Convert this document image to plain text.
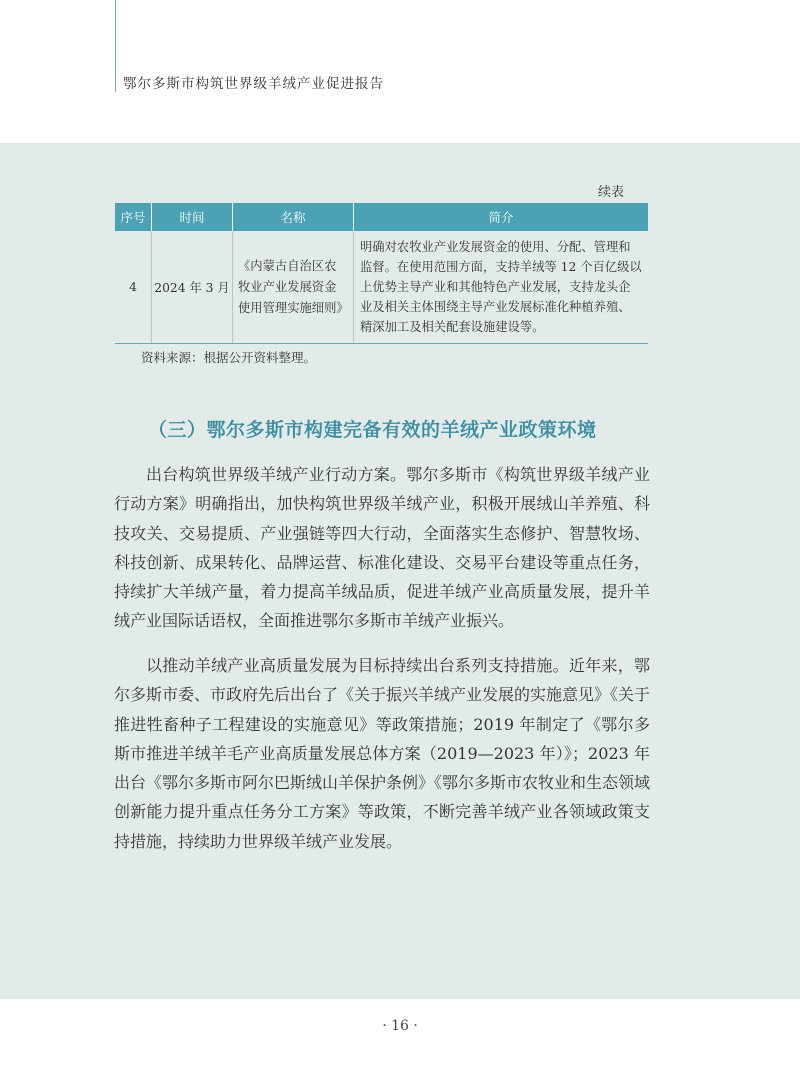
鄂尔多斯市构筑世界级羊绒产业促进报告
续表
序号	时间	名称	简介
4	2024 年 3 月	《内蒙古自治区农牧业产业发展资金使用管理实施细则》	明确对农牧业产业发展资金的使用、分配、管理和监督。在使用范围方面，支持羊绒等 12 个百亿级以上优势主导产业和其他特色产业发展，支持龙头企业及相关主体围绕主导产业发展标准化种植养殖、精深加工及相关配套设施建设等。
资料来源：根据公开资料整理。
（三）鄂尔多斯市构建完备有效的羊绒产业政策环境

出台构筑世界级羊绒产业行动方案。鄂尔多斯市《构筑世界级羊绒产业行动方案》明确指出，加快构筑世界级羊绒产业，积极开展绒山羊养殖、科技攻关、交易提质、产业强链等四大行动，全面落实生态修护、智慧牧场、科技创新、成果转化、品牌运营、标准化建设、交易平台建设等重点任务，持续扩大羊绒产量，着力提高羊绒品质，促进羊绒产业高质量发展，提升羊绒产业国际话语权，全面推进鄂尔多斯市羊绒产业振兴。

以推动羊绒产业高质量发展为目标持续出台系列支持措施。近年来，鄂尔多斯市委、市政府先后出台了《关于振兴羊绒产业发展的实施意见》《关于推进牲畜种子工程建设的实施意见》等政策措施；2019 年制定了《鄂尔多斯市推进羊绒羊毛产业高质量发展总体方案（2019—2023 年）》；2023 年出台《鄂尔多斯市阿尔巴斯绒山羊保护条例》《鄂尔多斯市农牧业和生态领域创新能力提升重点任务分工方案》等政策，不断完善羊绒产业各领域政策支持措施，持续助力世界级羊绒产业发展。

· 16 ·
